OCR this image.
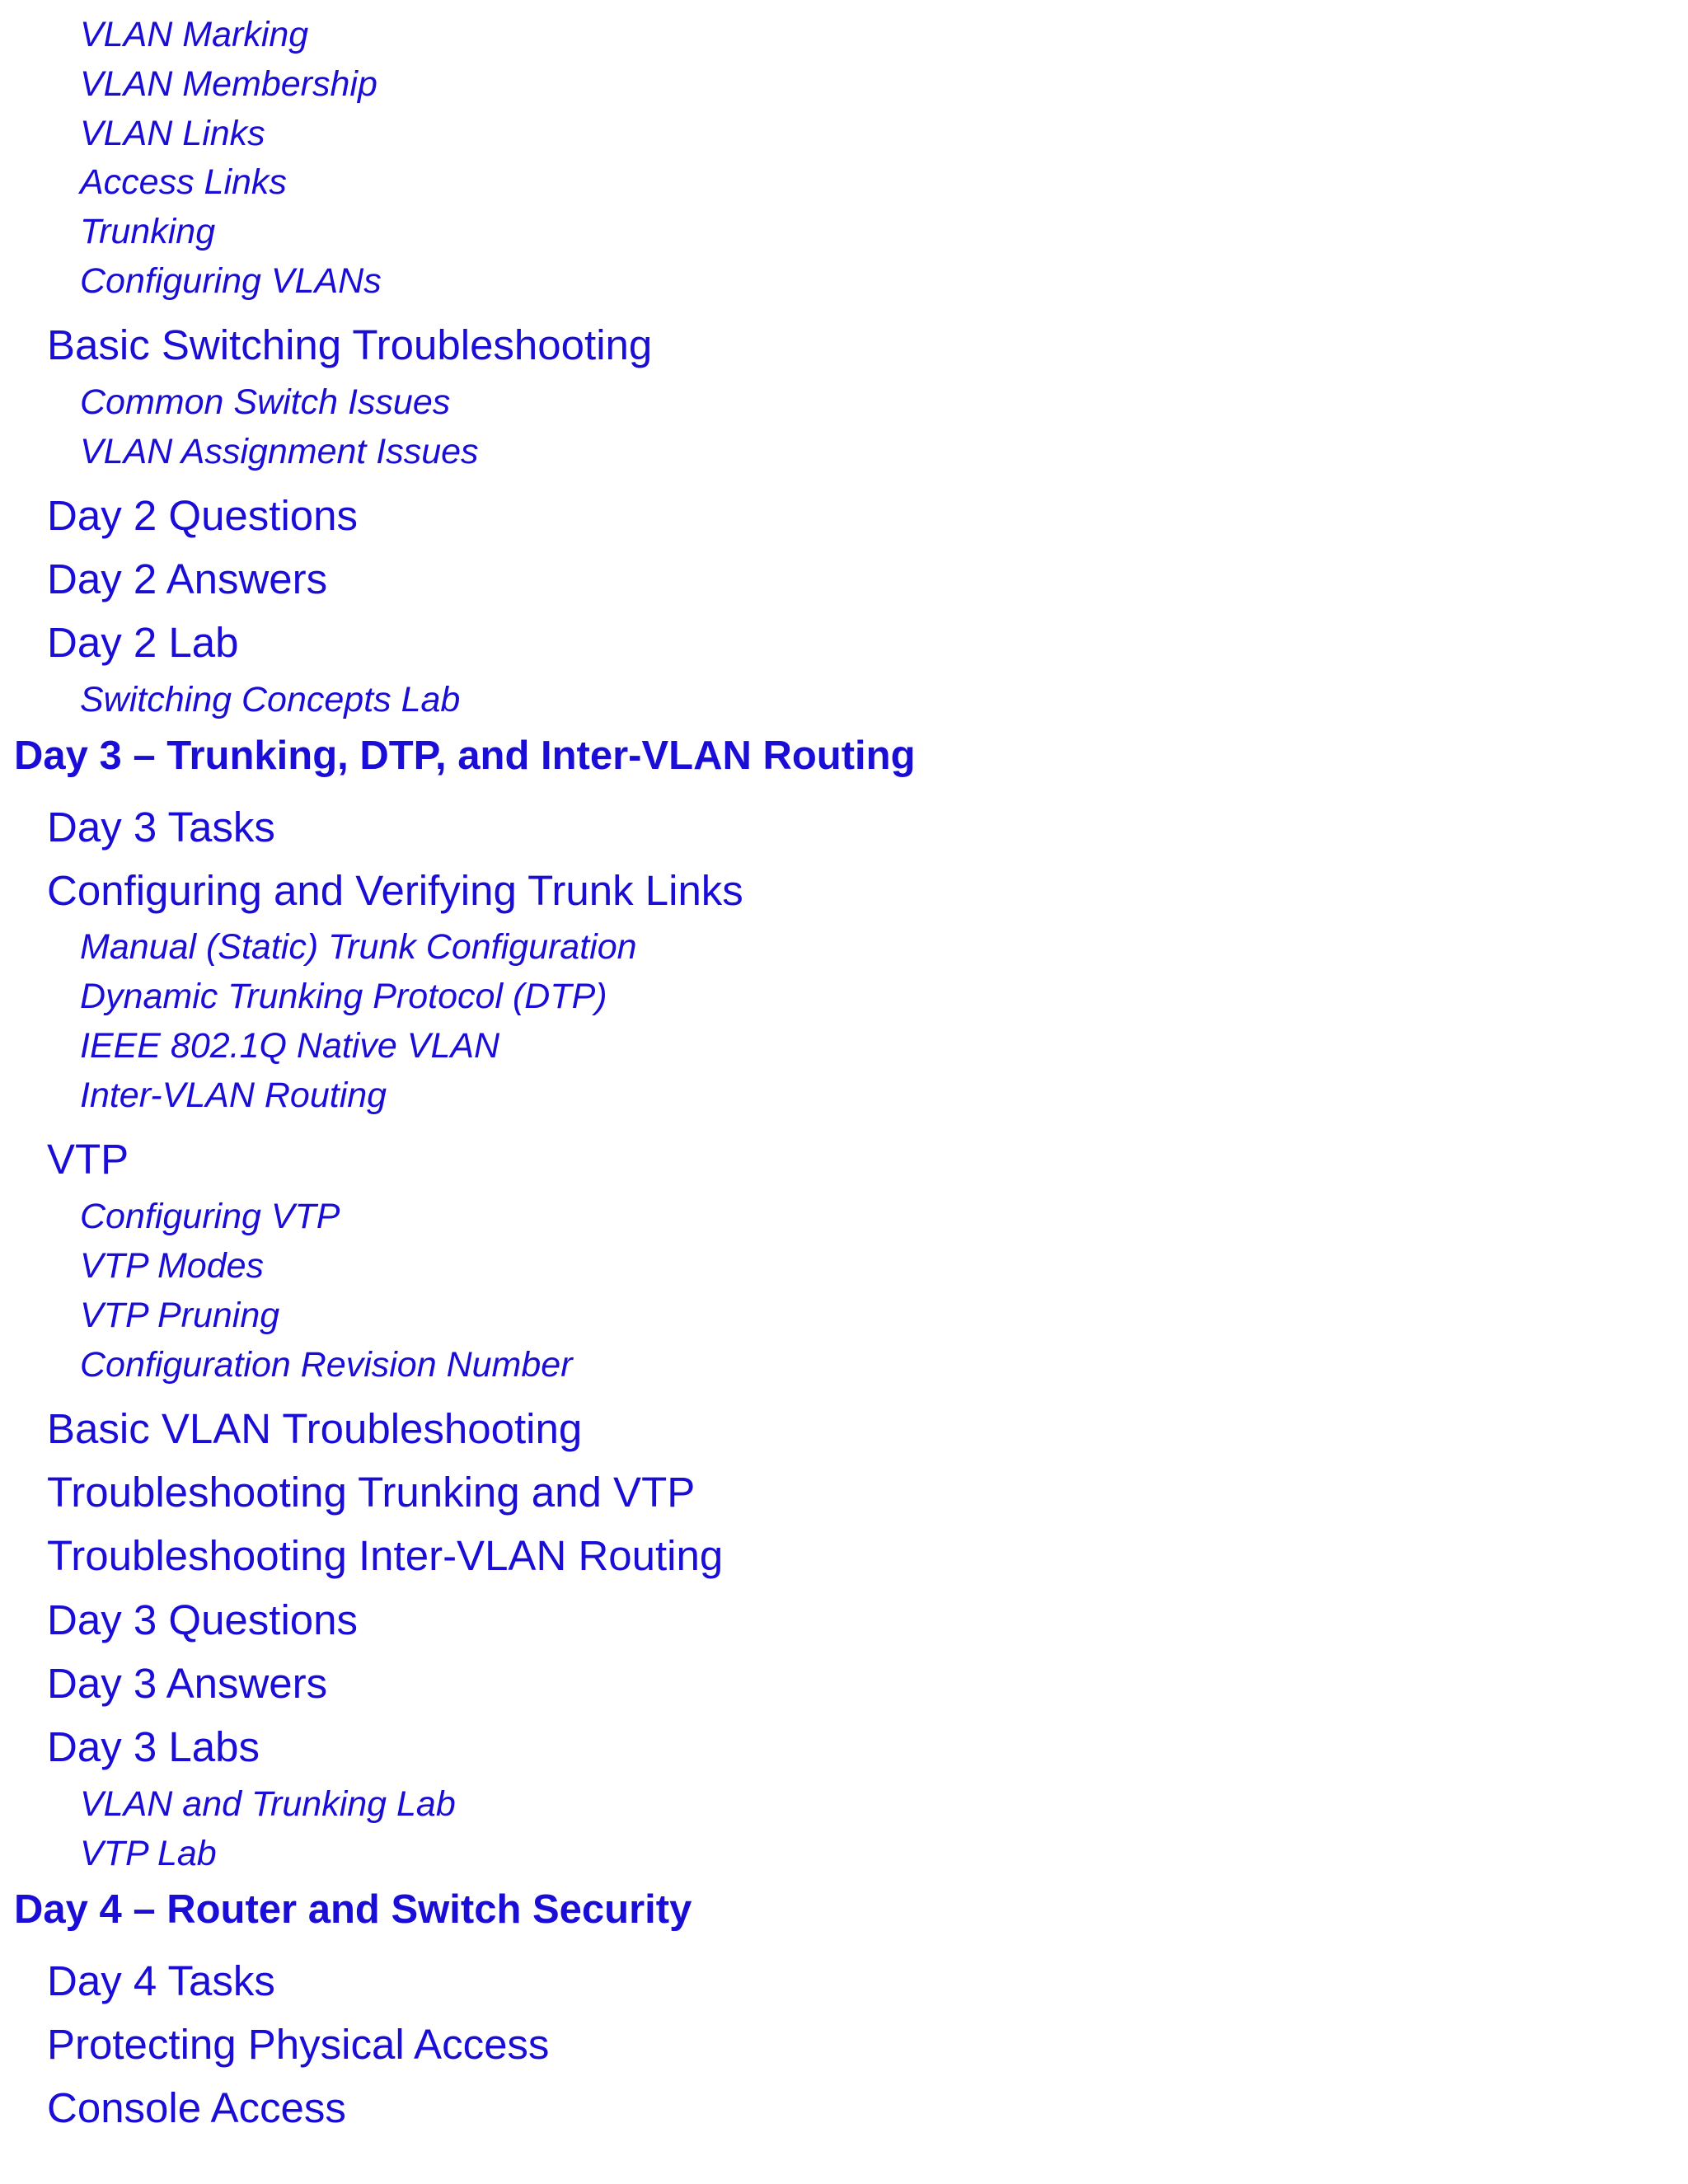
VLAN Marking
VLAN Membership
VLAN Links
Access Links
Trunking
Configuring VLANs
Basic Switching Troubleshooting
Common Switch Issues
VLAN Assignment Issues
Day 2 Questions
Day 2 Answers
Day 2 Lab
Switching Concepts Lab
Day 3 – Trunking, DTP, and Inter-VLAN Routing
Day 3 Tasks
Configuring and Verifying Trunk Links
Manual (Static) Trunk Configuration
Dynamic Trunking Protocol (DTP)
IEEE 802.1Q Native VLAN
Inter-VLAN Routing
VTP
Configuring VTP
VTP Modes
VTP Pruning
Configuration Revision Number
Basic VLAN Troubleshooting
Troubleshooting Trunking and VTP
Troubleshooting Inter-VLAN Routing
Day 3 Questions
Day 3 Answers
Day 3 Labs
VLAN and Trunking Lab
VTP Lab
Day 4 – Router and Switch Security
Day 4 Tasks
Protecting Physical Access
Console Access
